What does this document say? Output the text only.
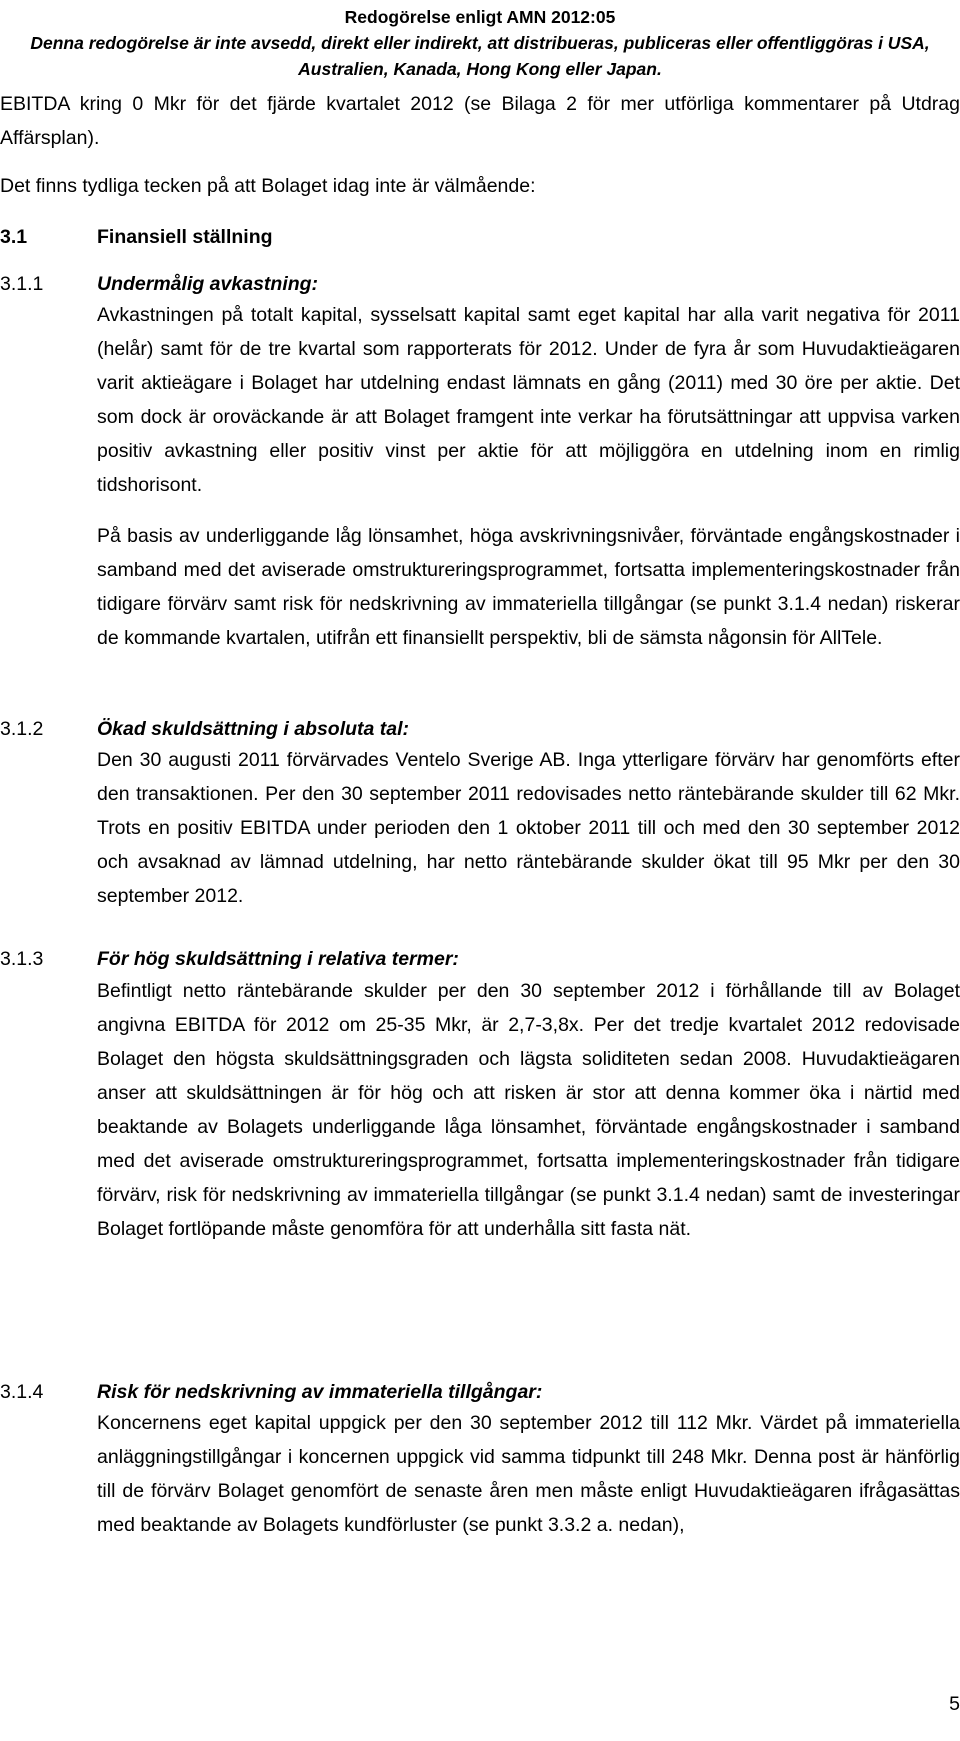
Redogörelse enligt AMN 2012:05
Denna redogörelse är inte avsedd, direkt eller indirekt, att distribueras, publiceras eller offentliggöras i USA,
Australien, Kanada, Hong Kong eller Japan.
EBITDA kring 0 Mkr för det fjärde kvartalet 2012 (se Bilaga 2 för mer utförliga kommentarer på Utdrag Affärsplan).
Det finns tydliga tecken på att Bolaget idag inte är välmående:
3.1	Finansiell ställning
3.1.1	Undermålig avkastning:
Avkastningen på totalt kapital, sysselsatt kapital samt eget kapital har alla varit negativa för 2011 (helår) samt för de tre kvartal som rapporterats för 2012. Under de fyra år som Huvudaktieägaren varit aktieägare i Bolaget har utdelning endast lämnats en gång (2011) med 30 öre per aktie. Det som dock är oroväckande är att Bolaget framgent inte verkar ha förutsättningar att uppvisa varken positiv avkastning eller positiv vinst per aktie för att möjliggöra en utdelning inom en rimlig tidshorisont.
På basis av underliggande låg lönsamhet, höga avskrivningsnivåer, förväntade engångskostnader i samband med det aviserade omstruktureringsprogrammet, fortsatta implementeringskostnader från tidigare förvärv samt risk för nedskrivning av immateriella tillgångar (se punkt 3.1.4 nedan) riskerar de kommande kvartalen, utifrån ett finansiellt perspektiv, bli de sämsta någonsin för AllTele.
3.1.2	Ökad skuldsättning i absoluta tal:
Den 30 augusti 2011 förvärvades Ventelo Sverige AB. Inga ytterligare förvärv har genomförts efter den transaktionen. Per den 30 september 2011 redovisades netto räntebärande skulder till 62 Mkr. Trots en positiv EBITDA under perioden den 1 oktober 2011 till och med den 30 september 2012 och avsaknad av lämnad utdelning, har netto räntebärande skulder ökat till 95 Mkr per den 30 september 2012.
3.1.3	För hög skuldsättning i relativa termer:
Befintligt netto räntebärande skulder per den 30 september 2012 i förhållande till av Bolaget angivna EBITDA för 2012 om 25-35 Mkr, är 2,7-3,8x. Per det tredje kvartalet 2012 redovisade Bolaget den högsta skuldsättningsgraden och lägsta soliditeten sedan 2008. Huvudaktieägaren anser att skuldsättningen är för hög och att risken är stor att denna kommer öka i närtid med beaktande av Bolagets underliggande låga lönsamhet, förväntade engångskostnader i samband med det aviserade omstruktureringsprogrammet, fortsatta implementeringskostnader från tidigare förvärv, risk för nedskrivning av immateriella tillgångar (se punkt 3.1.4 nedan) samt de investeringar Bolaget fortlöpande måste genomföra för att underhålla sitt fasta nät.
3.1.4	Risk för nedskrivning av immateriella tillgångar:
Koncernens eget kapital uppgick per den 30 september 2012 till 112 Mkr. Värdet på immateriella anläggningstillgångar i koncernen uppgick vid samma tidpunkt till 248 Mkr. Denna post är hänförlig till de förvärv Bolaget genomfört de senaste åren men måste enligt Huvudaktieägaren ifrågasättas med beaktande av Bolagets kundförluster (se punkt 3.3.2 a. nedan),
5
